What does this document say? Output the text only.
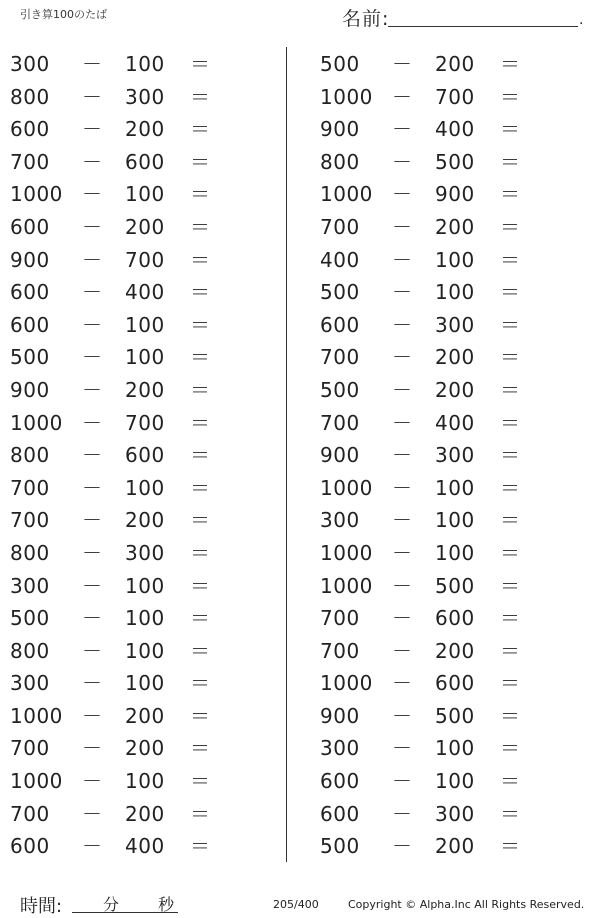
引き算100のたば	名前:	.
300	－ 100	＝
800	－ 300	＝
600	－ 200	＝
700	－ 600	＝
1000 － 100	＝
600	－ 200	＝
900	－ 700	＝
600	－ 400	＝
600	－ 100	＝
500	－ 100	＝
900	－ 200	＝
1000 － 700	＝
800	－ 600	＝
700	－ 100	＝
700	－ 200	＝
800	－ 300	＝
300	－ 100	＝
500	－ 100	＝
800	－ 100	＝
300	－ 100	＝
1000 － 200	＝
700	－ 200	＝
1000 － 100	＝
700	－ 200	＝
600	－ 400	＝
500	－ 200	＝
1000 － 700	＝
900	－ 400	＝
800	－ 500	＝
1000 － 900	＝
700	－ 200	＝
400	－ 100	＝
500	－ 100	＝
600	－ 300	＝
700	－ 200	＝
500	－ 200	＝
700	－ 400	＝
900	－ 300	＝
1000 － 100	＝
300	－ 100	＝
1000 － 100	＝
1000 － 500	＝
700	－ 600	＝
700	－ 200	＝
1000 － 600	＝
900	－ 500	＝
300	－ 100	＝
600	－ 100	＝
600	－ 300	＝
500	－ 200	＝
時間:	分 秒	205/400	Copyright © Alpha.Inc All Rights Reserved.
